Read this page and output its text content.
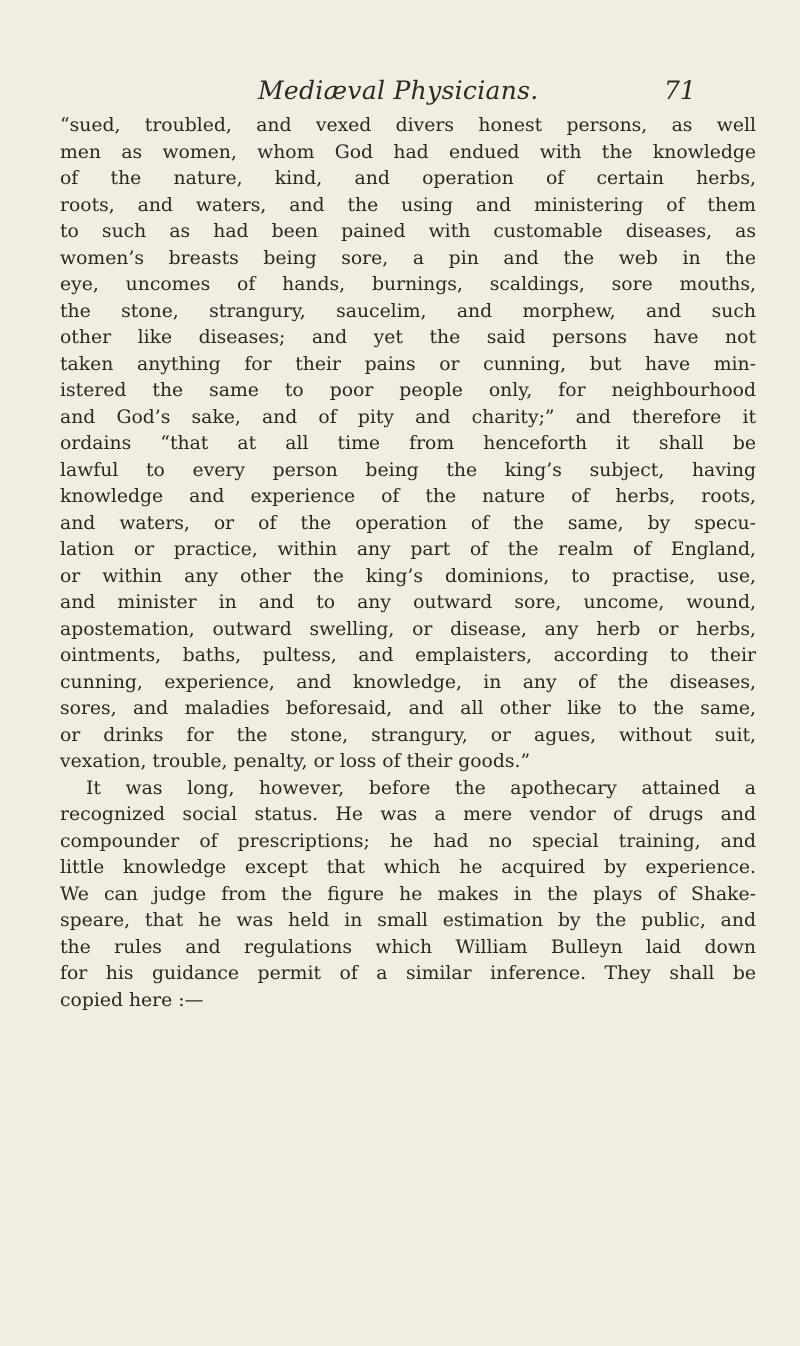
Mediæval Physicians.	71
“sued, troubled, and vexed divers honest persons, as well
men as women, whom God had endued with the knowledge
of the nature, kind, and operation of certain herbs,
roots, and waters, and the using and ministering of them
to such as had been pained with customable diseases, as
women’s breasts being sore, a pin and the web in the
eye, uncomes of hands, burnings, scaldings, sore mouths,
the stone, strangury, saucelim, and morphew, and such
other like diseases; and yet the said persons have not
taken anything for their pains or cunning, but have min-
istered the same to poor people only, for neighbourhood
and God’s sake, and of pity and charity;” and therefore it
ordains “that at all time from henceforth it shall be
lawful to every person being the king’s subject, having
knowledge and experience of the nature of herbs, roots,
and waters, or of the operation of the same, by specu-
lation or practice, within any part of the realm of England,
or within any other the king’s dominions, to practise, use,
and minister in and to any outward sore, uncome, wound,
apostemation, outward swelling, or disease, any herb or herbs,
ointments, baths, pultess, and emplaisters, according to their
cunning, experience, and knowledge, in any of the diseases,
sores, and maladies beforesaid, and all other like to the same,
or drinks for the stone, strangury, or agues, without suit,
vexation, trouble, penalty, or loss of their goods.”
It was long, however, before the apothecary attained a
recognized social status. He was a mere vendor of drugs and
compounder of prescriptions; he had no special training, and
little knowledge except that which he acquired by experience.
We can judge from the figure he makes in the plays of Shake-
speare, that he was held in small estimation by the public, and
the rules and regulations which William Bulleyn laid down
for his guidance permit of a similar inference. They shall be
copied here :—
